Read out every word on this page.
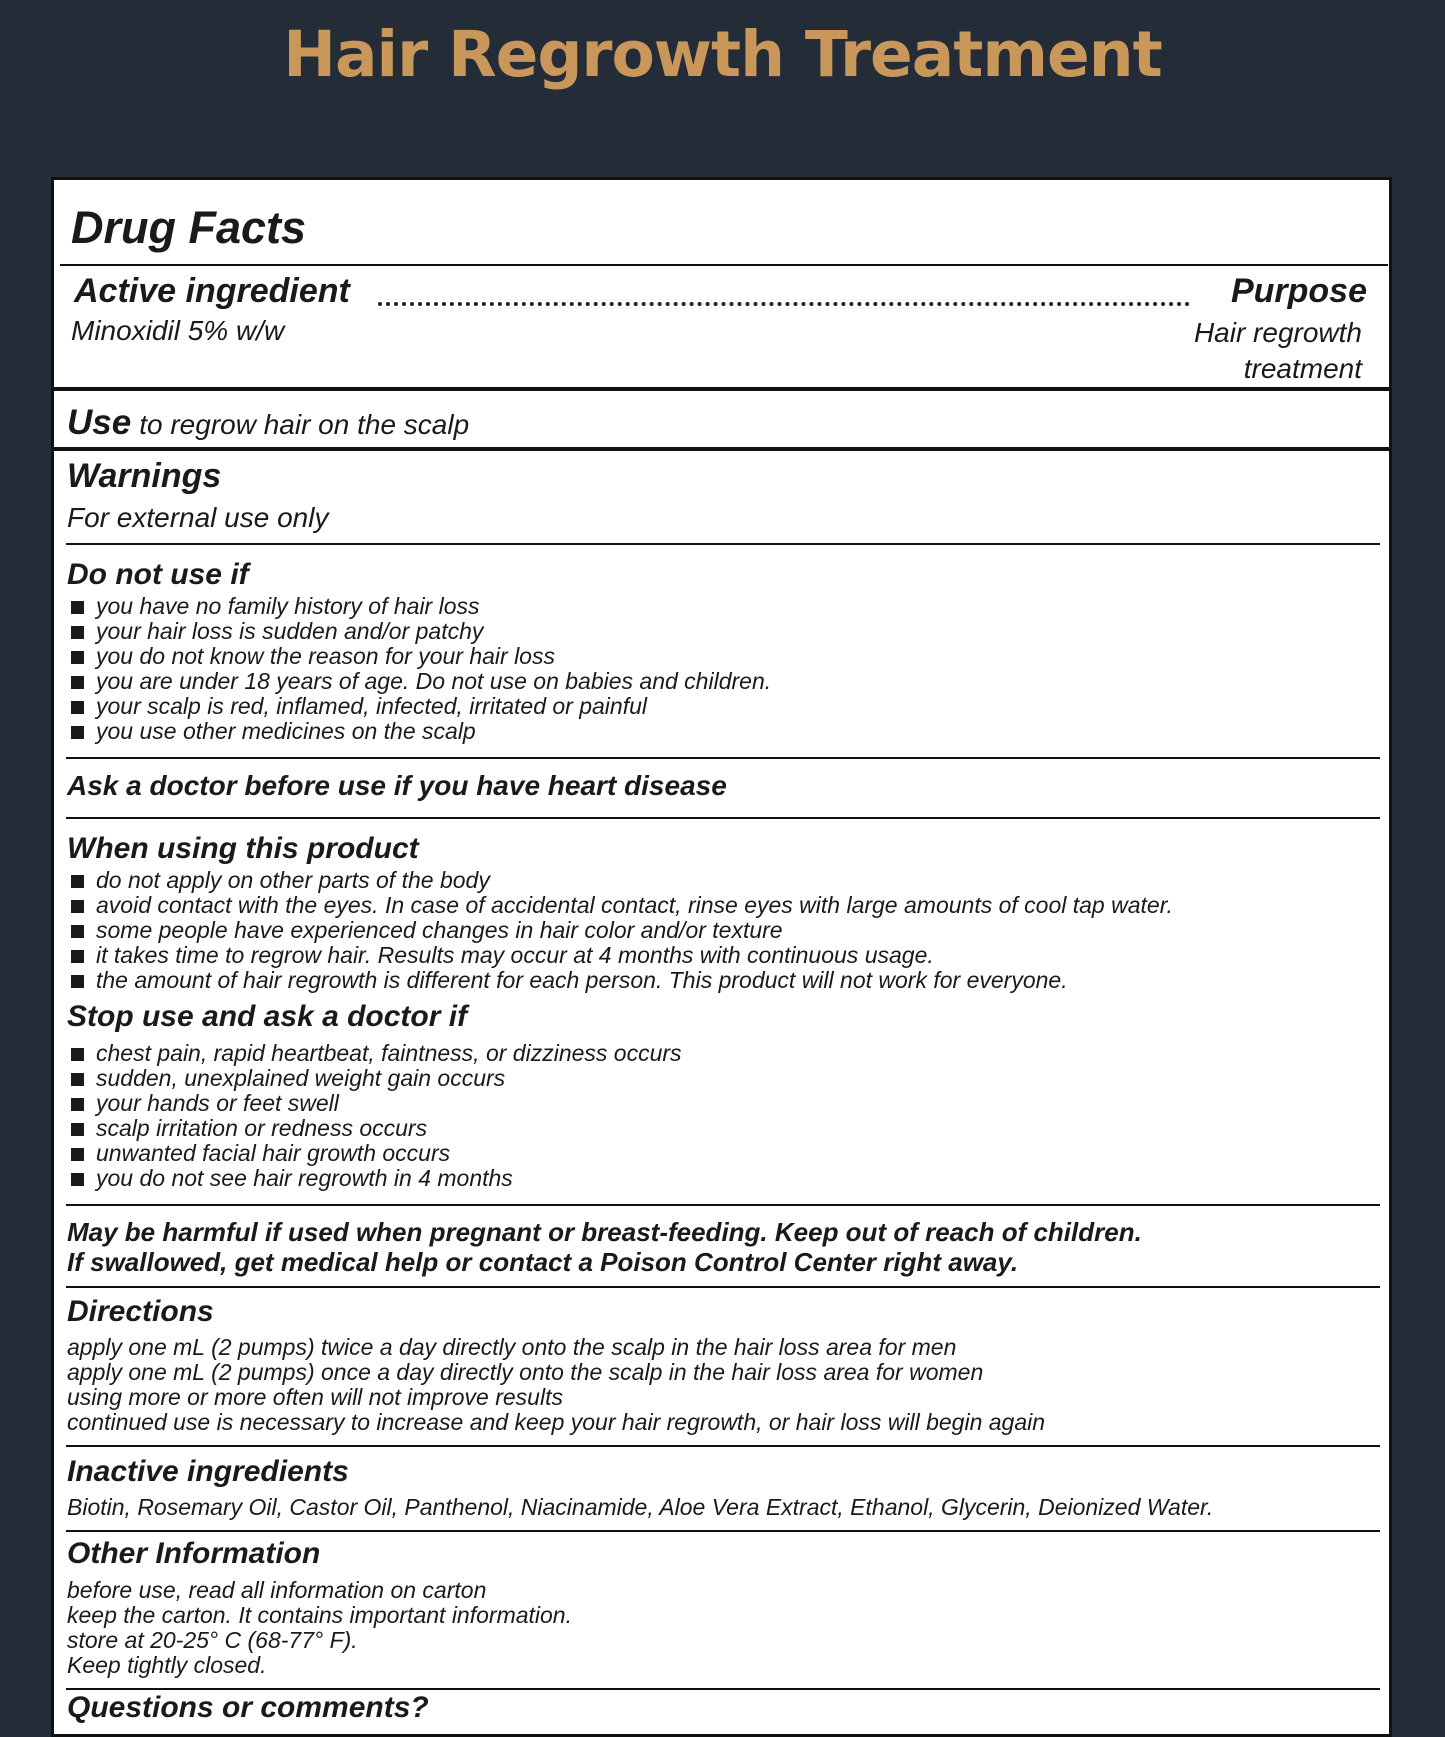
Hair Regrowth Treatment
Drug Facts
Active ingredient	Purpose
Minoxidil 5% w/w	Hair regrowth treatment
Use to regrow hair on the scalp
Warnings
For external use only
Do not use if
you have no family history of hair loss
your hair loss is sudden and/or patchy
you do not know the reason for your hair loss
you are under 18 years of age. Do not use on babies and children.
your scalp is red, inflamed, infected, irritated or painful
you use other medicines on the scalp
Ask a doctor before use if you have heart disease
When using this product
do not apply on other parts of the body
avoid contact with the eyes. In case of accidental contact, rinse eyes with large amounts of cool tap water.
some people have experienced changes in hair color and/or texture
it takes time to regrow hair. Results may occur at 4 months with continuous usage.
the amount of hair regrowth is different for each person. This product will not work for everyone.
Stop use and ask a doctor if
chest pain, rapid heartbeat, faintness, or dizziness occurs
sudden, unexplained weight gain occurs
your hands or feet swell
scalp irritation or redness occurs
unwanted facial hair growth occurs
you do not see hair regrowth in 4 months
May be harmful if used when pregnant or breast-feeding. Keep out of reach of children.
If swallowed, get medical help or contact a Poison Control Center right away.
Directions
apply one mL (2 pumps) twice a day directly onto the scalp in the hair loss area for men
apply one mL (2 pumps) once a day directly onto the scalp in the hair loss area for women
using more or more often will not improve results
continued use is necessary to increase and keep your hair regrowth, or hair loss will begin again
Inactive ingredients
Biotin, Rosemary Oil, Castor Oil, Panthenol, Niacinamide, Aloe Vera Extract, Ethanol, Glycerin, Deionized Water.
Other Information
before use, read all information on carton
keep the carton. It contains important information.
store at 20-25° C (68-77° F).
Keep tightly closed.
Questions or comments?
